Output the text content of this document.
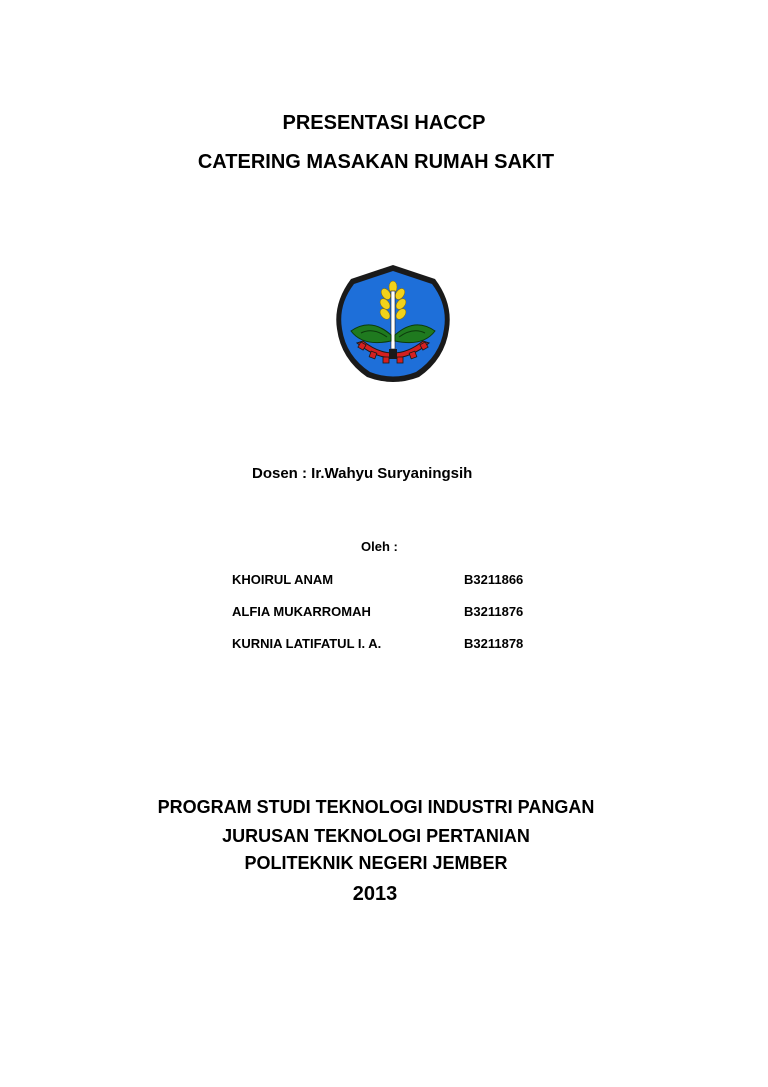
PRESENTASI HACCP
CATERING MASAKAN RUMAH SAKIT
Dosen : Ir.Wahyu Suryaningsih
Oleh :
KHOIRUL ANAM	B3211866
ALFIA MUKARROMAH	B3211876
KURNIA LATIFATUL I. A.	B3211878
PROGRAM STUDI TEKNOLOGI INDUSTRI PANGAN
JURUSAN TEKNOLOGI PERTANIAN
POLITEKNIK NEGERI JEMBER
2013
